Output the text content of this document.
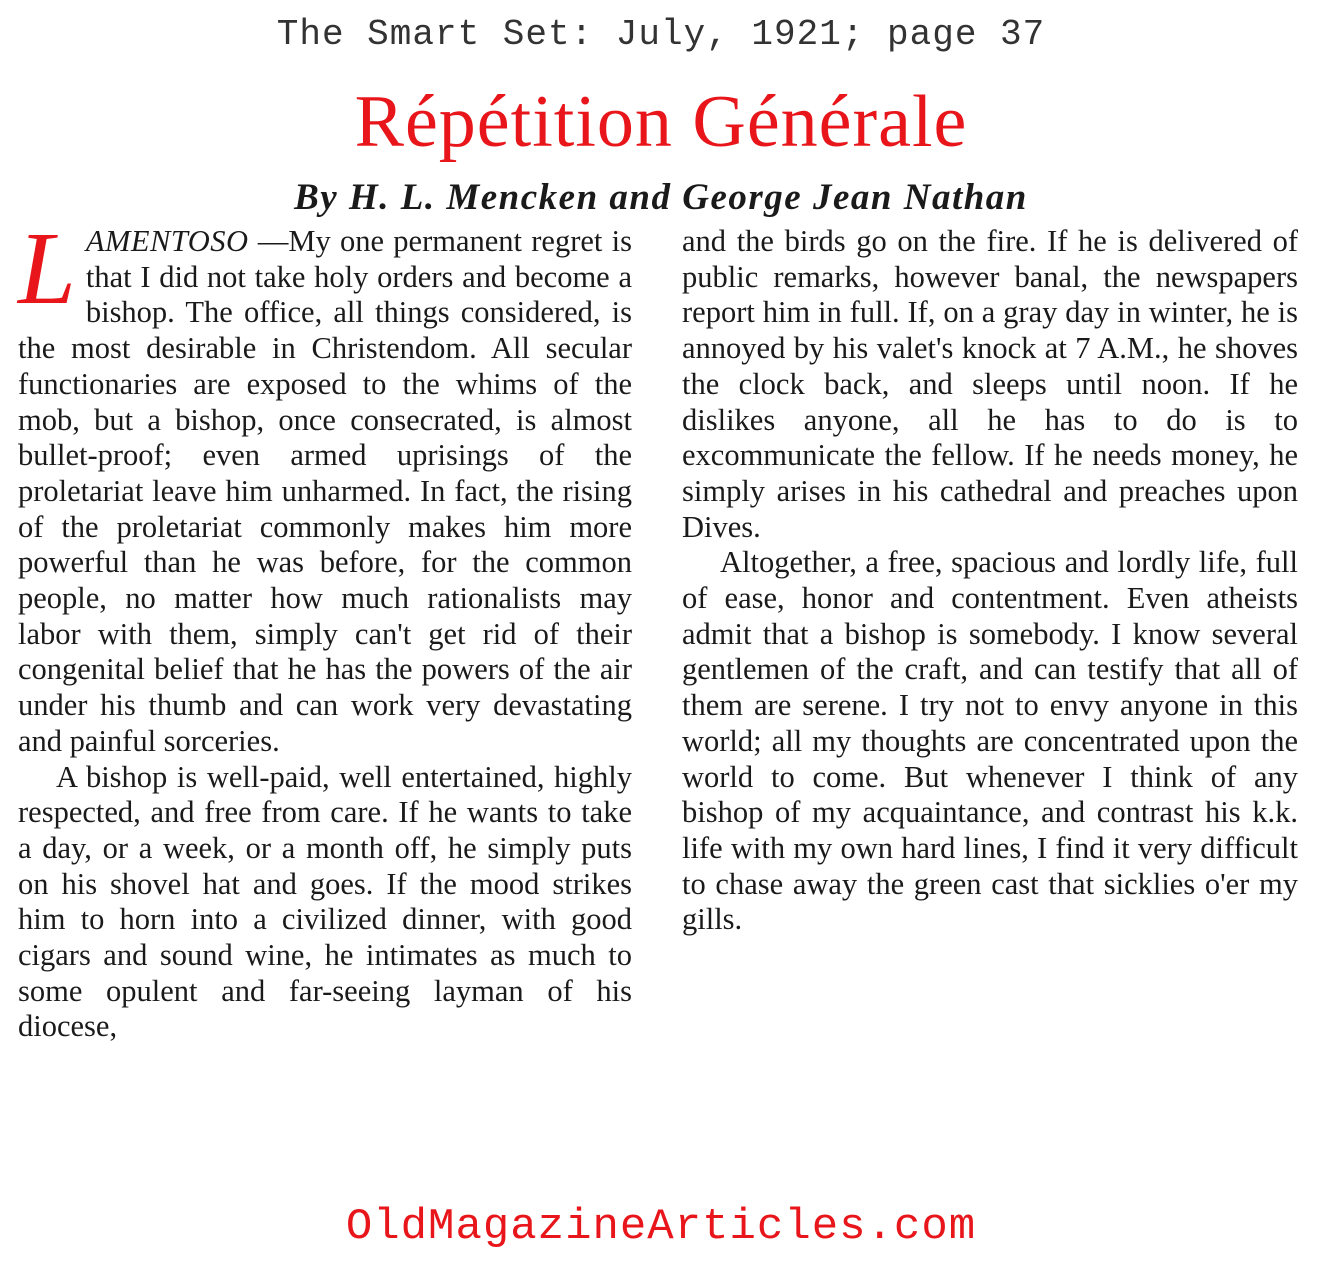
The Smart Set: July, 1921; page 37
Répétition Générale
By H. L. Mencken and George Jean Nathan

LAMENTOSO —My one permanent regret is that I did not take holy orders and become a bishop. The office, all things considered, is the most desirable in Christendom. All secular functionaries are exposed to the whims of the mob, but a bishop, once consecrated, is almost bullet-proof; even armed uprisings of the proletariat leave him unharmed. In fact, the rising of the proletariat commonly makes him more powerful than he was before, for the common people, no matter how much rationalists may labor with them, simply can't get rid of their congenital belief that he has the powers of the air under his thumb and can work very devastating and painful sorceries.

A bishop is well-paid, well entertained, highly respected, and free from care. If he wants to take a day, or a week, or a month off, he simply puts on his shovel hat and goes. If the mood strikes him to horn into a civilized dinner, with good cigars and sound wine, he intimates as much to some opulent and far-seeing layman of his diocese,

and the birds go on the fire. If he is delivered of public remarks, however banal, the newspapers report him in full. If, on a gray day in winter, he is annoyed by his valet's knock at 7 A.M., he shoves the clock back, and sleeps until noon. If he dislikes anyone, all he has to do is to excommunicate the fellow. If he needs money, he simply arises in his cathedral and preaches upon Dives.

Altogether, a free, spacious and lordly life, full of ease, honor and contentment. Even atheists admit that a bishop is somebody. I know several gentlemen of the craft, and can testify that all of them are serene. I try not to envy anyone in this world; all my thoughts are concentrated upon the world to come. But whenever I think of any bishop of my acquaintance, and contrast his k.k. life with my own hard lines, I find it very difficult to chase away the green cast that sicklies o'er my gills.

OldMagazineArticles.com
